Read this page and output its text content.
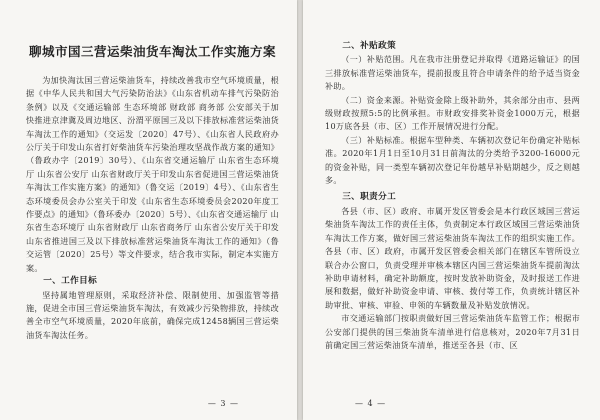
聊城市国三营运柴油货车淘汰工作实施方案

为加快淘汰国三营运柴油货车，持续改善我市空气环境质量，根据《中华人民共和国大气污染防治法》《山东省机动车排气污染防治条例》以及《交通运输部 生态环境部 财政部 商务部 公安部关于加快推进京津冀及周边地区、汾渭平原国三及以下排放标准营运柴油货车淘汰工作的通知》（交运发〔2020〕47号）、《山东省人民政府办公厅关于印发山东省打好柴油货车污染治理攻坚战作战方案的通知》（鲁政办字〔2019〕30号）、《山东省交通运输厅 山东省生态环境厅 山东省公安厅 山东省财政厅关于印发山东省促进国三营运柴油货车淘汰工作实施方案》的通知》（鲁交运〔2019〕4号）、《山东省生态环境委员会办公室关于印发《山东省生态环境委员会2020年度工作要点》的通知》（鲁环委办〔2020〕5号）、《山东省交通运输厅 山东省生态环境厅 山东省财政厅 山东省商务厅 山东省公安厅关于印发山东省推进国三及以下排放标准营运柴油货车淘汰工作的通知》（鲁交运管〔2020〕25号）等文件要求，结合我市实际，制定本实施方案。

一、工作目标

坚持属地管理原则，采取经济补偿、限制使用、加强监管等措施，促进全市国三营运柴油货车淘汰，有效减少污染物排放，持续改善全市空气环境质量，2020年底前，确保完成12458辆国三营运柴油货车淘汰任务。

— 3 —

二、补贴政策

（一）补贴范围。凡在我市注册登记并取得《道路运输证》的国三排放标准营运柴油货车，提前报废且符合申请条件的给予适当资金补助。

（二）资金来源。补贴资金除上级补助外，其余部分由市、县两级财政按照5:5的比例承担。市财政安排奖补资金1000万元，根据10万底各县（市、区）工作开展情况进行分配。

（三）补贴标准。根据车型种类、车辆初次登记年份确定补贴标准。2020年1月1日至10月31日前淘汰的分类给予3200-16000元的资金补贴，同一类型车辆初次登记年份越早补贴期越少，反之则越多。

三、职责分工

各县（市、区）政府、市属开发区管委会是本行政区域国三营运柴油货车淘汰工作的责任主体，负责制定本行政区域国三营运柴油货车淘汰工作方案，做好国三营运柴油货车淘汰工作的组织实施工作。各县（市、区）政府，市属开发区管委会相关部门在辖区车管所设立联合办公窗口，负责受理并审核本辖区内国三营运柴油货车提前淘汰补助申请材料，确定补助额度，按时发放补助资金，及时报送工作进展和数据，做好补助资金申请、审核、拨付等工作，负责统计辖区补助审批、审核、审验、申领的车辆数量及补贴发放情况。

市交通运输部门按职责做好国三营运柴油货车监管工作；根据市公安部门提供的国三柴油货车清单进行信息核对，2020年7月31日前确定国三营运柴油货车清单，推送至各县（市、区

— 4 —
